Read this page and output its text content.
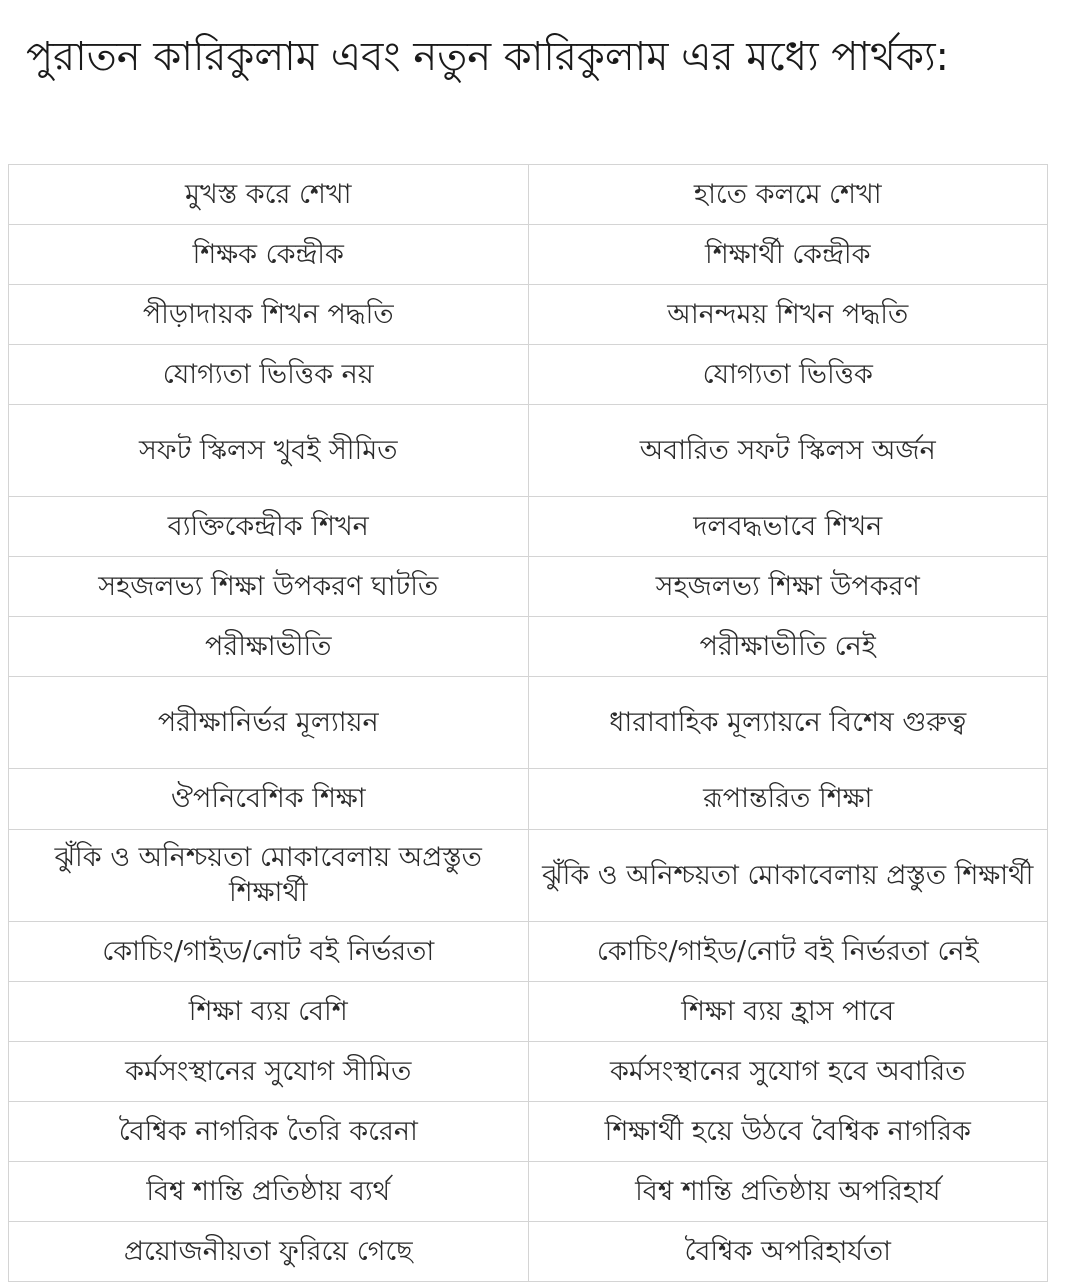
পুরাতন কারিকুলাম এবং নতুন কারিকুলাম এর মধ্যে পার্থক্য:
মুখস্ত করে শেখা	হাতে কলমে শেখা
শিক্ষক কেন্দ্রীক	শিক্ষার্থী কেন্দ্রীক
পীড়াদায়ক শিখন পদ্ধতি	আনন্দময় শিখন পদ্ধতি
যোগ্যতা ভিত্তিক নয়	যোগ্যতা ভিত্তিক
সফট স্কিলস খুবই সীমিত	অবারিত সফট স্কিলস অর্জন
ব্যক্তিকেন্দ্রীক শিখন	দলবদ্ধভাবে শিখন
সহজলভ্য শিক্ষা উপকরণ ঘাটতি	সহজলভ্য শিক্ষা উপকরণ
পরীক্ষাভীতি	পরীক্ষাভীতি নেই
পরীক্ষানির্ভর মূল্যায়ন	ধারাবাহিক মূল্যায়নে বিশেষ গুরুত্ব
ঔপনিবেশিক শিক্ষা	রূপান্তরিত শিক্ষা
ঝুঁকি ও অনিশ্চয়তা মোকাবেলায় অপ্রস্তুত শিক্ষার্থী	ঝুঁকি ও অনিশ্চয়তা মোকাবেলায় প্রস্তুত শিক্ষার্থী
কোচিং/গাইড/নোট বই নির্ভরতা	কোচিং/গাইড/নোট বই নির্ভরতা নেই
শিক্ষা ব্যয় বেশি	শিক্ষা ব্যয় হ্রাস পাবে
কর্মসংস্থানের সুযোগ সীমিত	কর্মসংস্থানের সুযোগ হবে অবারিত
বৈশ্বিক নাগরিক তৈরি করেনা	শিক্ষার্থী হয়ে উঠবে বৈশ্বিক নাগরিক
বিশ্ব শান্তি প্রতিষ্ঠায় ব্যর্থ	বিশ্ব শান্তি প্রতিষ্ঠায় অপরিহার্য
প্রয়োজনীয়তা ফুরিয়ে গেছে	বৈশ্বিক অপরিহার্যতা
